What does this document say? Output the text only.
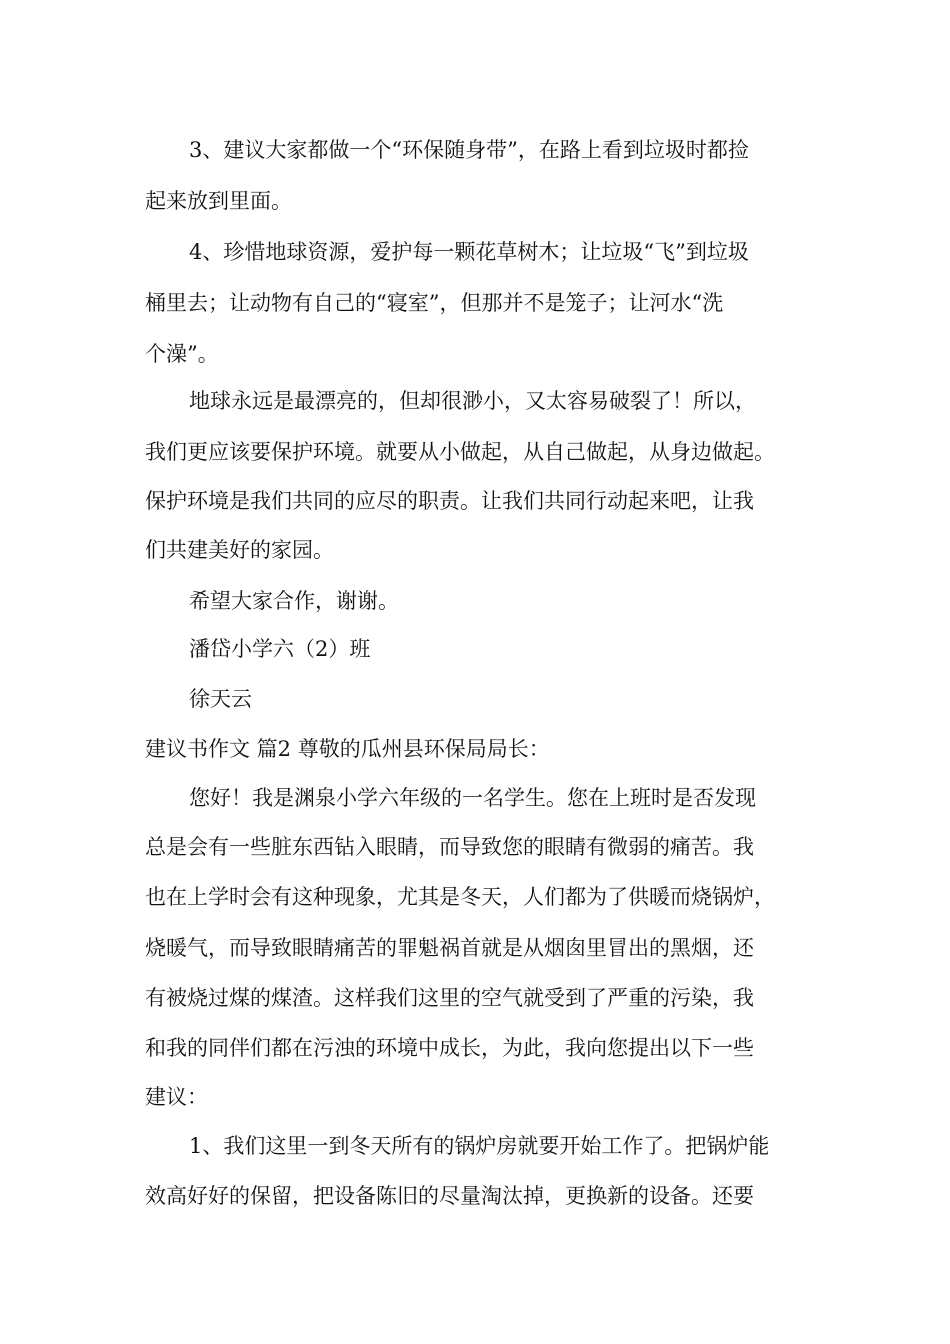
3、建议大家都做一个“环保随身带”，在路上看到垃圾时都捡

起来放到里面。

4、珍惜地球资源，爱护每一颗花草树木；让垃圾“飞”到垃圾

桶里去；让动物有自己的“寝室”，但那并不是笼子；让河水“洗

个澡”。

地球永远是最漂亮的，但却很渺小，又太容易破裂了！所以，

我们更应该要保护环境。就要从小做起，从自己做起，从身边做起。

保护环境是我们共同的应尽的职责。让我们共同行动起来吧，让我

们共建美好的家园。

希望大家合作，谢谢。

潘岱小学六（2）班

徐天云

建议书作文 篇2 尊敬的瓜州县环保局局长：

您好！我是渊泉小学六年级的一名学生。您在上班时是否发现

总是会有一些脏东西钻入眼睛，而导致您的眼睛有微弱的痛苦。我

也在上学时会有这种现象，尤其是冬天，人们都为了供暖而烧锅炉，

烧暖气，而导致眼睛痛苦的罪魁祸首就是从烟囱里冒出的黑烟，还

有被烧过煤的煤渣。这样我们这里的空气就受到了严重的污染，我

和我的同伴们都在污浊的环境中成长，为此，我向您提出以下一些

建议：

1、我们这里一到冬天所有的锅炉房就要开始工作了。把锅炉能

效高好好的保留，把设备陈旧的尽量淘汰掉，更换新的设备。还要
